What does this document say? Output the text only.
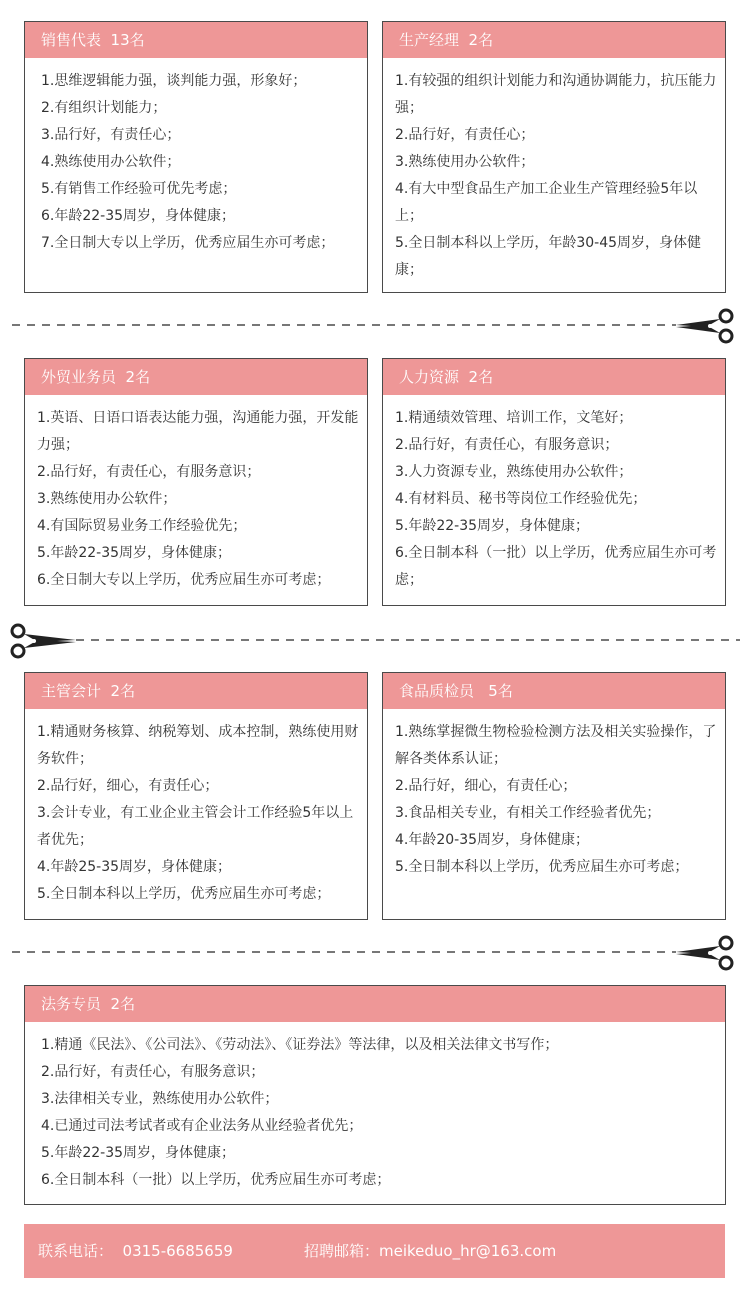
销售代表  13名
1.思维逻辑能力强，谈判能力强，形象好；
2.有组织计划能力；
3.品行好，有责任心；
4.熟练使用办公软件；
5.有销售工作经验可优先考虑；
6.年龄22-35周岁，身体健康；
7.全日制大专以上学历，优秀应届生亦可考虑；
生产经理  2名
1.有较强的组织计划能力和沟通协调能力，抗压能力强；
2.品行好，有责任心；
3.熟练使用办公软件；
4.有大中型食品生产加工企业生产管理经验5年以上；
5.全日制本科以上学历，年龄30-45周岁，身体健康；
外贸业务员  2名
1.英语、日语口语表达能力强，沟通能力强，开发能力强；
2.品行好，有责任心，有服务意识；
3.熟练使用办公软件；
4.有国际贸易业务工作经验优先；
5.年龄22-35周岁，身体健康；
6.全日制大专以上学历，优秀应届生亦可考虑；
人力资源  2名
1.精通绩效管理、培训工作，文笔好；
2.品行好，有责任心，有服务意识；
3.人力资源专业，熟练使用办公软件；
4.有材料员、秘书等岗位工作经验优先；
5.年龄22-35周岁，身体健康；
6.全日制本科（一批）以上学历，优秀应届生亦可考虑；
主管会计  2名
1.精通财务核算、纳税筹划、成本控制，熟练使用财务软件；
2.品行好，细心，有责任心；
3.会计专业，有工业企业主管会计工作经验5年以上者优先；
4.年龄25-35周岁，身体健康；
5.全日制本科以上学历，优秀应届生亦可考虑；
食品质检员   5名
1.熟练掌握微生物检验检测方法及相关实验操作，了解各类体系认证；
2.品行好，细心，有责任心；
3.食品相关专业，有相关工作经验者优先；
4.年龄20-35周岁，身体健康；
5.全日制本科以上学历，优秀应届生亦可考虑；
法务专员  2名
1.精通《民法》、《公司法》、《劳动法》、《证券法》等法律，以及相关法律文书写作；
2.品行好，有责任心，有服务意识；
3.法律相关专业，熟练使用办公软件；
4.已通过司法考试者或有企业法务从业经验者优先；
5.年龄22-35周岁，身体健康；
6.全日制本科（一批）以上学历，优秀应届生亦可考虑；
联系电话：  0315-6685659	招聘邮箱：meikeduo_hr@163.com
